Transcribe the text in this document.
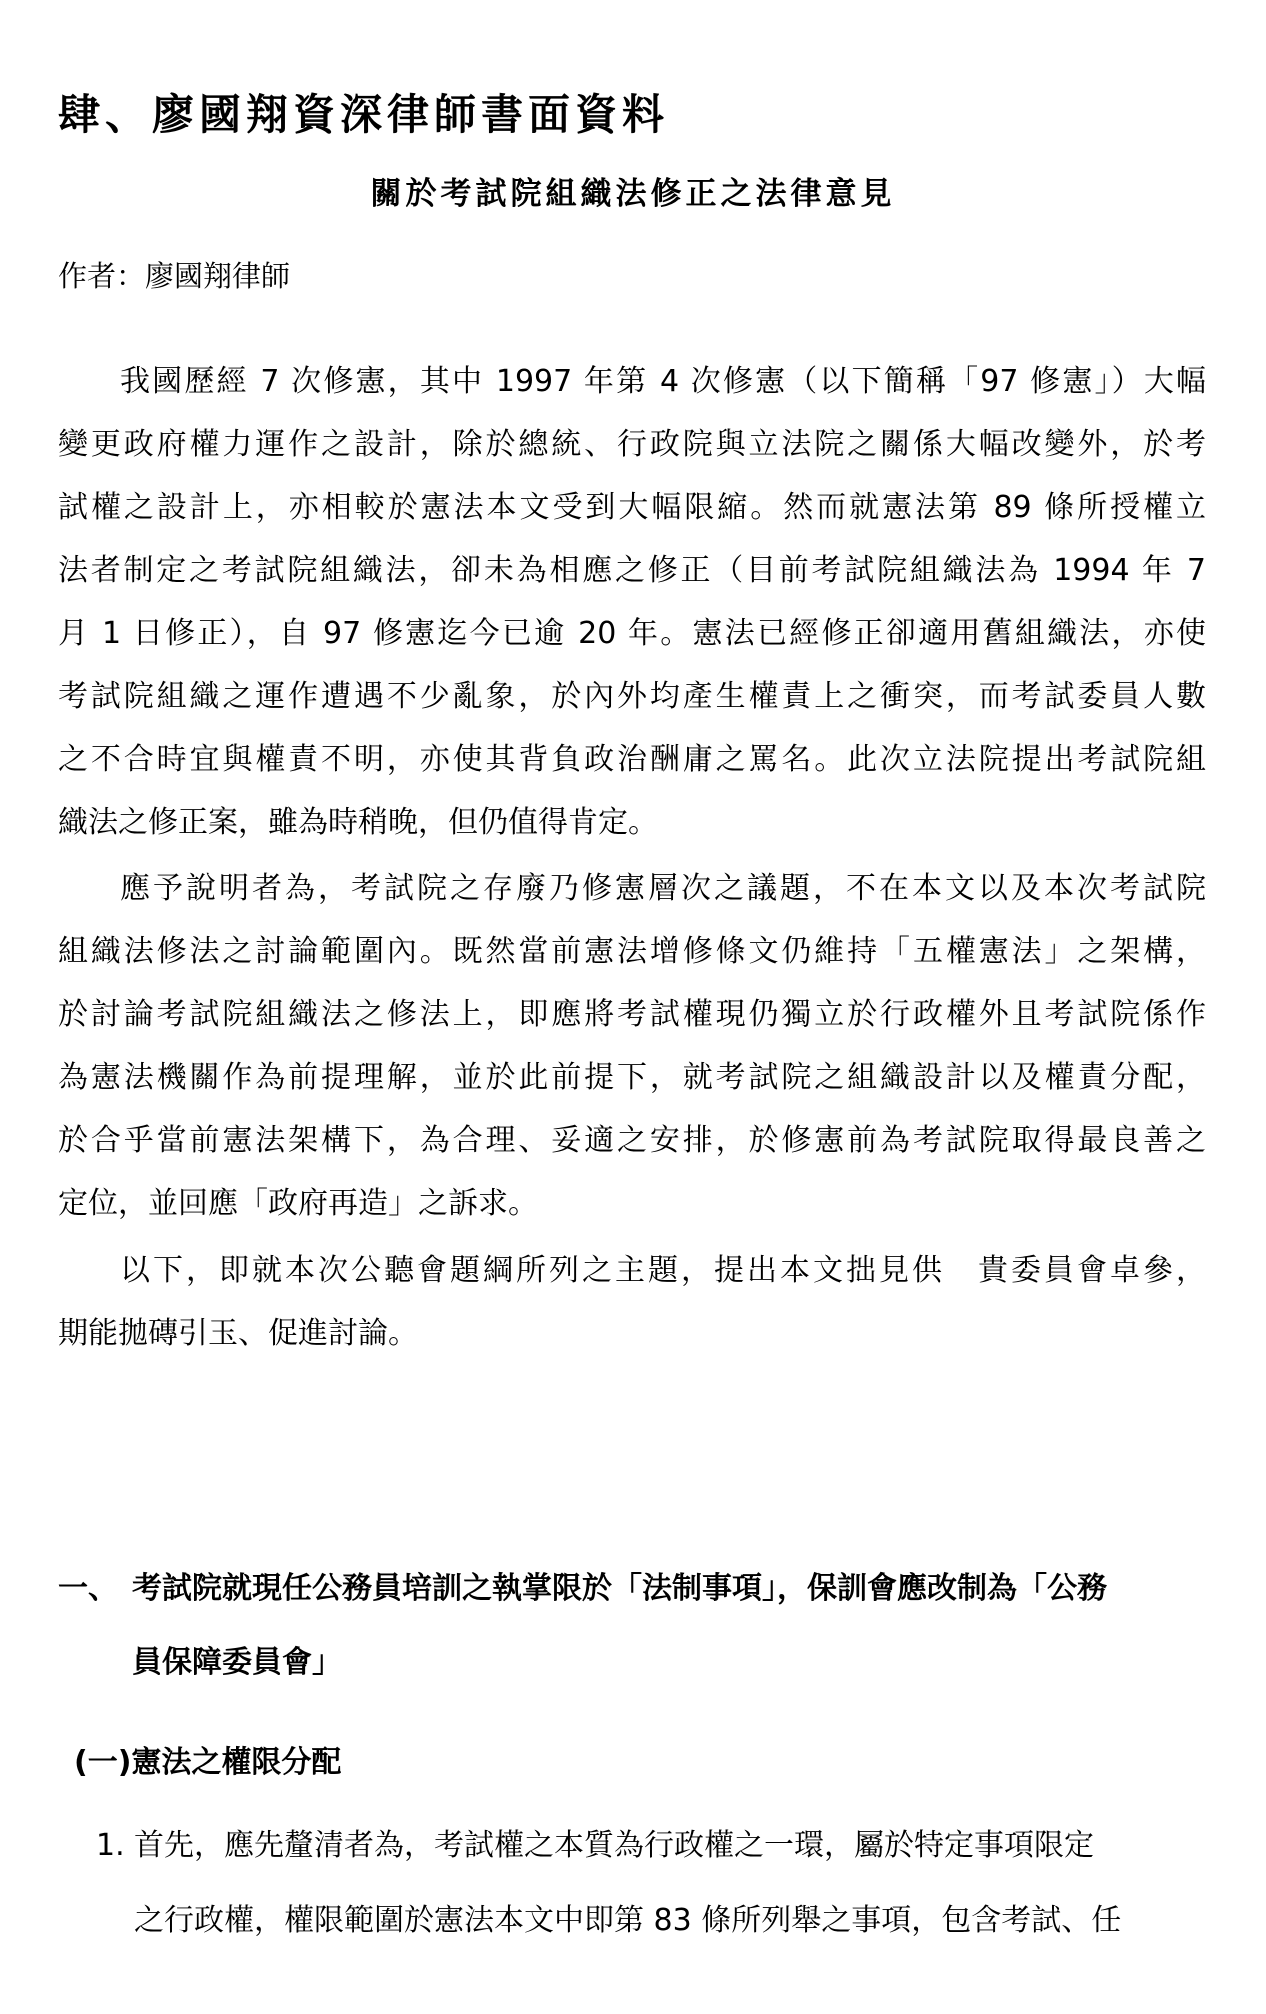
肆、廖國翔資深律師書面資料
關於考試院組織法修正之法律意見

作者：廖國翔律師

我國歷經 7 次修憲，其中 1997 年第 4 次修憲（以下簡稱「97 修憲」）大幅
變更政府權力運作之設計，除於總統、行政院與立法院之關係大幅改變外，於考
試權之設計上，亦相較於憲法本文受到大幅限縮。然而就憲法第 89 條所授權立
法者制定之考試院組織法，卻未為相應之修正（目前考試院組織法為 1994 年 7
月 1 日修正），自 97 修憲迄今已逾 20 年。憲法已經修正卻適用舊組織法，亦使
考試院組織之運作遭遇不少亂象，於內外均產生權責上之衝突，而考試委員人數
之不合時宜與權責不明，亦使其背負政治酬庸之罵名。此次立法院提出考試院組
織法之修正案，雖為時稍晚，但仍值得肯定。
應予說明者為，考試院之存廢乃修憲層次之議題，不在本文以及本次考試院
組織法修法之討論範圍內。既然當前憲法增修條文仍維持「五權憲法」之架構，
於討論考試院組織法之修法上，即應將考試權現仍獨立於行政權外且考試院係作
為憲法機關作為前提理解，並於此前提下，就考試院之組織設計以及權責分配，
於合乎當前憲法架構下，為合理、妥適之安排，於修憲前為考試院取得最良善之
定位，並回應「政府再造」之訴求。
以下，即就本次公聽會題綱所列之主題，提出本文拙見供　貴委員會卓參，
期能拋磚引玉、促進討論。
一、 考試院就現任公務員培訓之執掌限於「法制事項」，保訓會應改制為「公務
員保障委員會」
(一)憲法之權限分配
1. 首先，應先釐清者為，考試權之本質為行政權之一環，屬於特定事項限定
之行政權，權限範圍於憲法本文中即第 83 條所列舉之事項，包含考試、任
